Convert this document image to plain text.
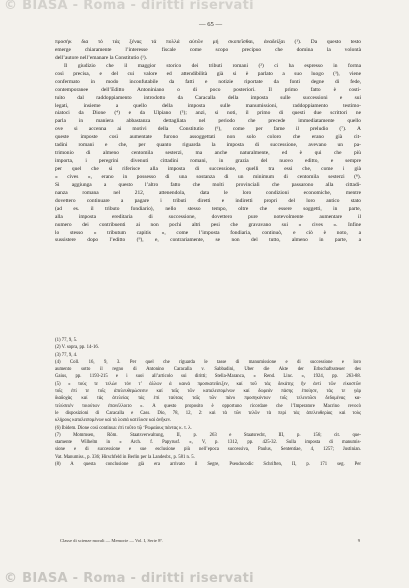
© BIASA - Roma - diritti riservati
— 65 —
προσήκ δια τό τάς ξένας τά πολλά αύτῶν μή σκοπεῖσθαι, ἀναδείξαι (¹). Da questo testo
emerge chiaramente l’interesse fiscale come scopo precipuo che domina la volontà
dell’autore nell’emanare la Constitutio (¹).
Il giudizio che il maggior storico dei tributi romani (²) ci ha espresso in forma
così precisa, e del cui valore ed attendibilità già si è parlato a suo luogo (³), viene
confermato in modo inconfutabile da fatti e notizie riportate da fonti degne di fede,
contemporanee dell’Editto Antoniniano o di poco posteriori. Il primo fatto è costi-
tuito dal raddoppiamento introdotto da Caracalla della imposta sulle successioni e sui
legati, insieme a quello della imposta sulle manumissioni, raddoppiamento testimo-
niatoci da Dione (⁴) e da Ulpiano (⁵); anzi, si noti, il primo di questi due scrittori ne
parla in maniera abbastanza dettagliata nel periodo che precede immediatamente quello
ove si accenna ai motivi della Constitutio (⁶), come per farne il preludio (⁷). A
queste imposte così aumentate furono assoggettati non solo coloro che erano già cit-
tadini romani e che, per quanto riguarda la imposta di successione, avevano un pa-
trimonio di almeno centomila sesterzi, ma anche naturalmente, ed è qui che più
importa, i peregrini divenuti cittadini romani, in grazia del nuovo editto, e sempre
per quel che si riferisce alla imposta di successione, quelli tra essi che, come i già
« cives », erano in possesso di una sostanza di un minimum di centomila sesterzi (⁸).
Si aggiunga a questo l’altro fatto che molti provinciali che passarono alla cittadi-
nanza romana nel 212, attenendola, data le loro condizioni economiche, mentre
dovettero continuare a pagare i tributi diretti e indiretti propri del loro antico stato
(ad es. il tributo fondiario), nello stesso tempo, oltre che essere soggetti, in parte,
alla imposta ereditaria di successione, dovettero pure notevolmente aumentare il
numero dei contribuenti ai non pochi altri pesi che gravavano sui « cives ». Infine
lo stesso « tributum capitis », come l’imposta fondiaria, continuò, e ciò è noto, a
sussistere dopo l’editto (⁹), e, contrariamente, se non del tutto, almeno in parte, a
(1) 77, 9, 5.
(2) V. sopra, pp. 14-16.
(3) 77, 9, 4.
(4) Coll. 16, 9, 3. Per quel che riguarda le tasse di manumissione e di successione e loro
aumento sotto il regno di Antonino Caracalla v. Sabbadini, Über die Akte der Erbschaftssteuer des
Gaius, pp. 1193-215 e i suoi all’articolo sui diritti; Stella-Maranca, « Rend. Linc. », 1924, pp. 263-88.
(5) « τούς τε τελών τόν τ’ άλλων ά καινά προσκατεδειξεν, καί τοῦ τάς δεκάτης ἥν ἀντί τῶν εἰκοστῶν
τοῖς ἐπί τε τοῖς ἀπελευθερώσεσιν καί ταῖς τῶν καταλειπομένων καί δωρεάν πάσης ἐποίησε, τάς τε γάρ
διαδοχὰς καί τάς ἀτελείας τάς ἐπί ταύταις ταῖς τῶν πάνυ προσηκόντων τοῖς τελευτῶσι δεδομένας κα-
τελύσειέν τοιούτων ἐπανέλλοιτο ». A questo proposito è opportuno ricordare che l’Imperatore Macrino revocò
le disposizioni di Caracalla e Cass. Dio, 78, 12, 2: καὶ τὰ τῶν τελῶν τὰ περὶ τὰς ἀπελευθερίας καὶ τοὺς
κλήρους καταλειπομένων καὶ τὰ λοιπὰ κατέλυσε καὶ ἀνῆκεν.
(6) Ibidem. Dione così continua: ἐπὶ τοῦτο τῷ ‘Ρωμαίους πάντας κ. τ. λ.
(7) Mommsen, Röm. Staatsverwaltung, II, p. 263 e Staatsrecht, III, p. 156; cit. que-
stamente Wilhelm in « Arch. f. Papyrusf. », V, p. 1312, pp. 425-32. Sulla imposta di manumis-
sione e di successione e sue esclusione più nell’epoca successiva, Paulus, Sententiae, 4, 1257; Justinian.
Vat. Manumiss., p. 336; Hirschfeld in Berlin per la Landesbr., p. 581 n. 5.
(8) A questa conclusione già era arrivato il Segre, Pseudocodic Schriften, II, p. 171 seg. Per
Classe di scienze morali — Memorie — Vol. I, Serie 8ª.	9
© BIASA - Roma - diritti riservati
